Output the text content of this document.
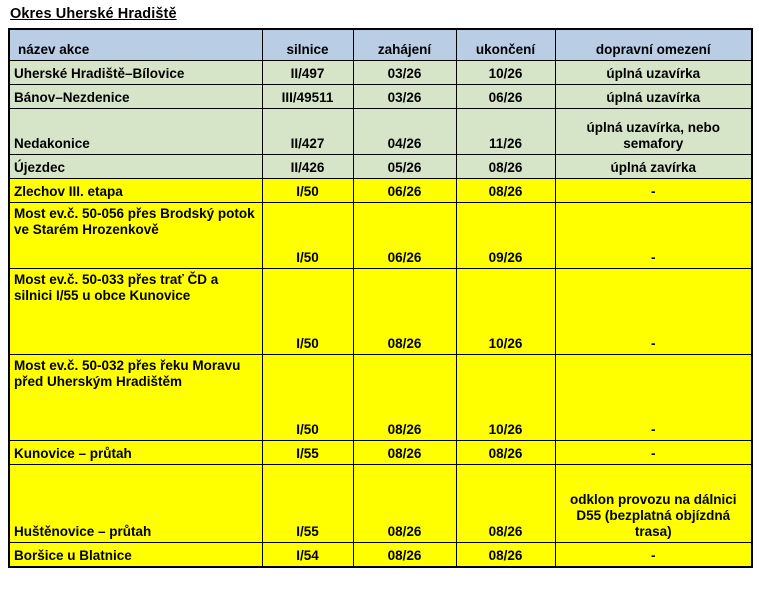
Okres Uherské Hradiště
název akce	silnice	zahájení	ukončení	dopravní omezení
Uherské Hradiště–Bílovice	II/497	03/26	10/26	úplná uzavírka
Bánov–Nezdenice	III/49511	03/26	06/26	úplná uzavírka
Nedakonice	II/427	04/26	11/26	úplná uzavírka, nebo semafory
Újezdec	II/426	05/26	08/26	úplná zavírka
Zlechov III. etapa	I/50	06/26	08/26	-
Most ev.č. 50-056 přes Brodský potok ve Starém Hrozenkově	I/50	06/26	09/26	-
Most ev.č. 50-033 přes trať ČD a silnici I/55 u obce Kunovice	I/50	08/26	10/26	-
Most ev.č. 50-032 přes řeku Moravu před Uherským Hradištěm	I/50	08/26	10/26	-
Kunovice – průtah	I/55	08/26	08/26	-
Huštěnovice – průtah	I/55	08/26	08/26	odklon provozu na dálnici D55 (bezplatná objízdná trasa)
Boršice u Blatnice	I/54	08/26	08/26	-
